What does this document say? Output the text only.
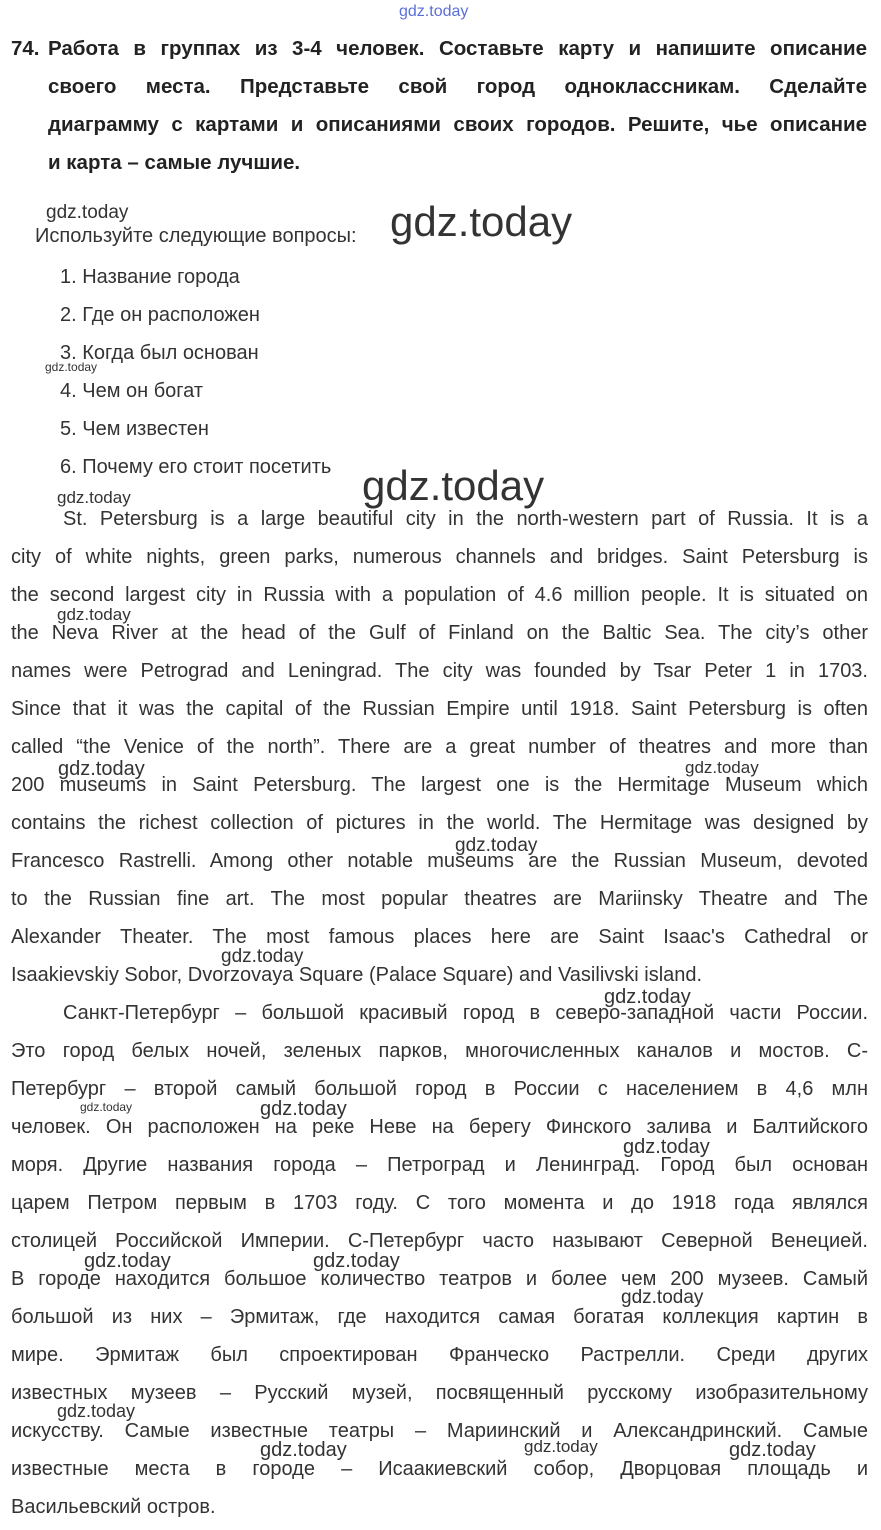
gdz.today
74. Работа в группах из 3-4 человек. Составьте карту и напишите описание
своего места. Представьте свой город одноклассникам. Сделайте
диаграмму с картами и описаниями своих городов. Решите, чье описание
и карта – самые лучшие.
Используйте следующие вопросы:
1. Название города
2. Где он расположен
3. Когда был основан
4. Чем он богат
5. Чем известен
6. Почему его стоит посетить
St. Petersburg is a large beautiful city in the north-western part of Russia. It is a
city of white nights, green parks, numerous channels and bridges. Saint Petersburg is
the second largest city in Russia with a population of 4.6 million people. It is situated on
the Neva River at the head of the Gulf of Finland on the Baltic Sea. The city’s other
names were Petrograd and Leningrad. The city was founded by Tsar Peter 1 in 1703.
Since that it was the capital of the Russian Empire until 1918. Saint Petersburg is often
called “the Venice of the north”. There are a great number of theatres and more than
200 museums in Saint Petersburg. The largest one is the Hermitage Museum which
contains the richest collection of pictures in the world. The Hermitage was designed by
Francesco Rastrelli. Among other notable museums are the Russian Museum, devoted
to the Russian fine art. The most popular theatres are Mariinsky Theatre and The
Alexander Theater. The most famous places here are Saint Isaac's Cathedral or
Isaakievskiy Sobor, Dvorzovaya Square (Palace Square) and Vasilivski island.
Санкт-Петербург – большой красивый город в северо-западной части России.
Это город белых ночей, зеленых парков, многочисленных каналов и мостов. С-
Петербург – второй самый большой город в России с населением в 4,6 млн
человек. Он расположен на реке Неве на берегу Финского залива и Балтийского
моря. Другие названия города – Петроград и Ленинград. Город был основан
царем Петром первым в 1703 году. С того момента и до 1918 года являлся
столицей Российской Империи. С-Петербург часто называют Северной Венецией.
В городе находится большое количество театров и более чем 200 музеев. Самый
большой из них – Эрмитаж, где находится самая богатая коллекция картин в
мире. Эрмитаж был спроектирован Франческо Растрелли. Среди других
известных музеев – Русский музей, посвященный русскому изобразительному
искусству. Самые известные театры – Мариинский и Александринский. Самые
известные места в городе – Исаакиевский собор, Дворцовая площадь и
Васильевский остров.
gdz.today	gdz.today
gdz.today
gdz.today
gdz.today
gdz.today
gdz.today	gdz.today
gdz.today
gdz.today
gdz.today
gdz.today	gdz.today
gdz.today
gdz.today	gdz.today
gdz.today
gdz.today
gdz.today	gdz.today	gdz.today
